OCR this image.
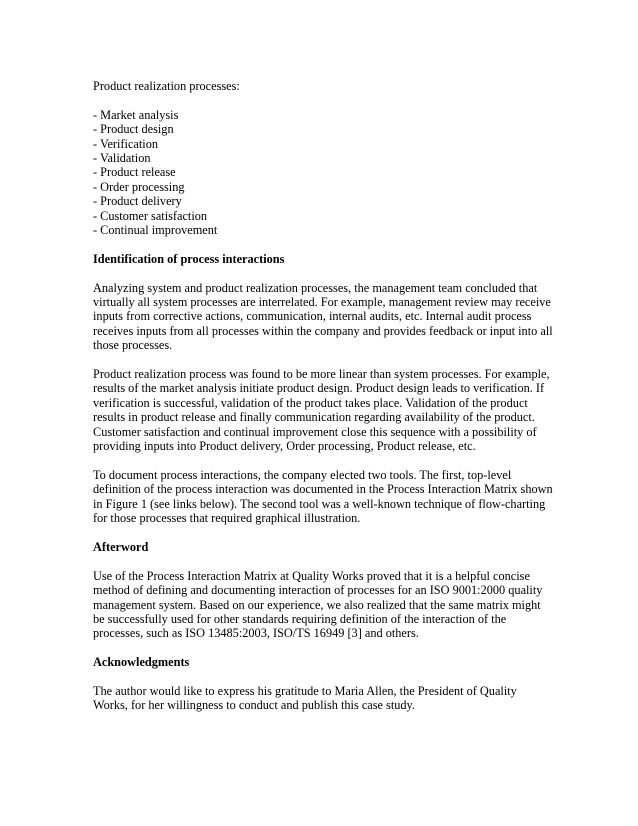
Product realization processes:

- Market analysis
- Product design
- Verification
- Validation
- Product release
- Order processing
- Product delivery
- Customer satisfaction
- Continual improvement
Identification of process interactions

Analyzing system and product realization processes, the management team concluded that virtually all system processes are interrelated. For example, management review may receive inputs from corrective actions, communication, internal audits, etc. Internal audit process receives inputs from all processes within the company and provides feedback or input into all those processes.

Product realization process was found to be more linear than system processes. For example, results of the market analysis initiate product design. Product design leads to verification. If verification is successful, validation of the product takes place. Validation of the product results in product release and finally communication regarding availability of the product. Customer satisfaction and continual improvement close this sequence with a possibility of providing inputs into Product delivery, Order processing, Product release, etc.

To document process interactions, the company elected two tools. The first, top-level definition of the process interaction was documented in the Process Interaction Matrix shown in Figure 1 (see links below). The second tool was a well-known technique of flow-charting for those processes that required graphical illustration.

Afterword

Use of the Process Interaction Matrix at Quality Works proved that it is a helpful concise method of defining and documenting interaction of processes for an ISO 9001:2000 quality management system. Based on our experience, we also realized that the same matrix might be successfully used for other standards requiring definition of the interaction of the processes, such as ISO 13485:2003, ISO/TS 16949 [3] and others.

Acknowledgments

The author would like to express his gratitude to Maria Allen, the President of Quality Works, for her willingness to conduct and publish this case study.
